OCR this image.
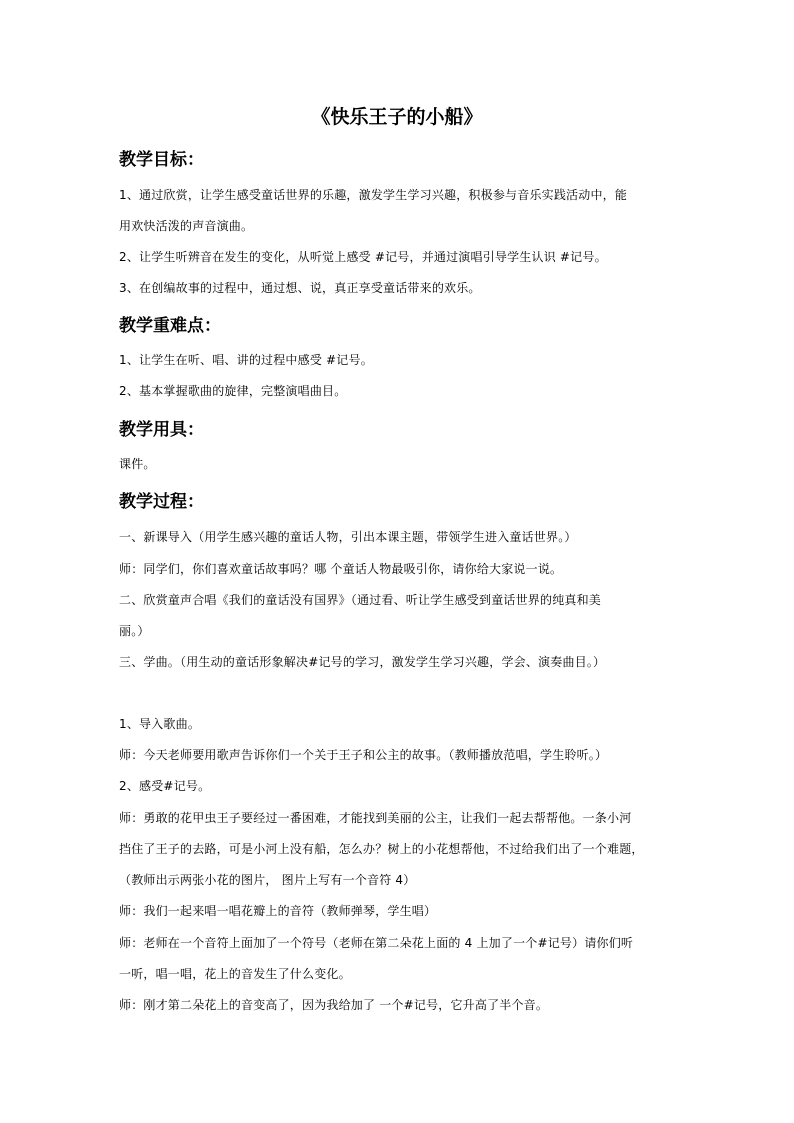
《快乐王子的小船》
教学目标：
1、通过欣赏，让学生感受童话世界的乐趣，激发学生学习兴趣，积极参与音乐实践活动中，能
用欢快活泼的声音演曲。
2、让学生听辨音在发生的变化，从听觉上感受 #记号，并通过演唱引导学生认识 #记号。
3、在创编故事的过程中，通过想、说，真正享受童话带来的欢乐。
教学重难点：
1、让学生在听、唱、讲的过程中感受 #记号。
2、基本掌握歌曲的旋律，完整演唱曲目。
教学用具：
课件。
教学过程：
一、新课导入（用学生感兴趣的童话人物，引出本课主题，带领学生进入童话世界。）
师：同学们，你们喜欢童话故事吗？哪 个童话人物最吸引你，请你给大家说一说。
二、欣赏童声合唱《我们的童话没有国界》（通过看、听让学生感受到童话世界的纯真和美
丽。）
三、学曲。（用生动的童话形象解决#记号的学习，激发学生学习兴趣，学会、演奏曲目。）
1、导入歌曲。
师：今天老师要用歌声告诉你们一个关于王子和公主的故事。（教师播放范唱，学生聆听。）
2、感受#记号。
师：勇敢的花甲虫王子要经过一番困难，才能找到美丽的公主，让我们一起去帮帮他。一条小河
挡住了王子的去路，可是小河上没有船，怎么办？树上的小花想帮他，不过给我们出了一个难题，
（教师出示两张小花的图片， 图片上写有一个音符 4）
师：我们一起来唱一唱花瓣上的音符（教师弹琴，学生唱）
师：老师在一个音符上面加了一个符号（老师在第二朵花上面的 4 上加了一个#记号）请你们听
一听，唱一唱，花上的音发生了什么变化。
师：刚才第二朵花上的音变高了，因为我给加了 一个#记号，它升高了半个音。
